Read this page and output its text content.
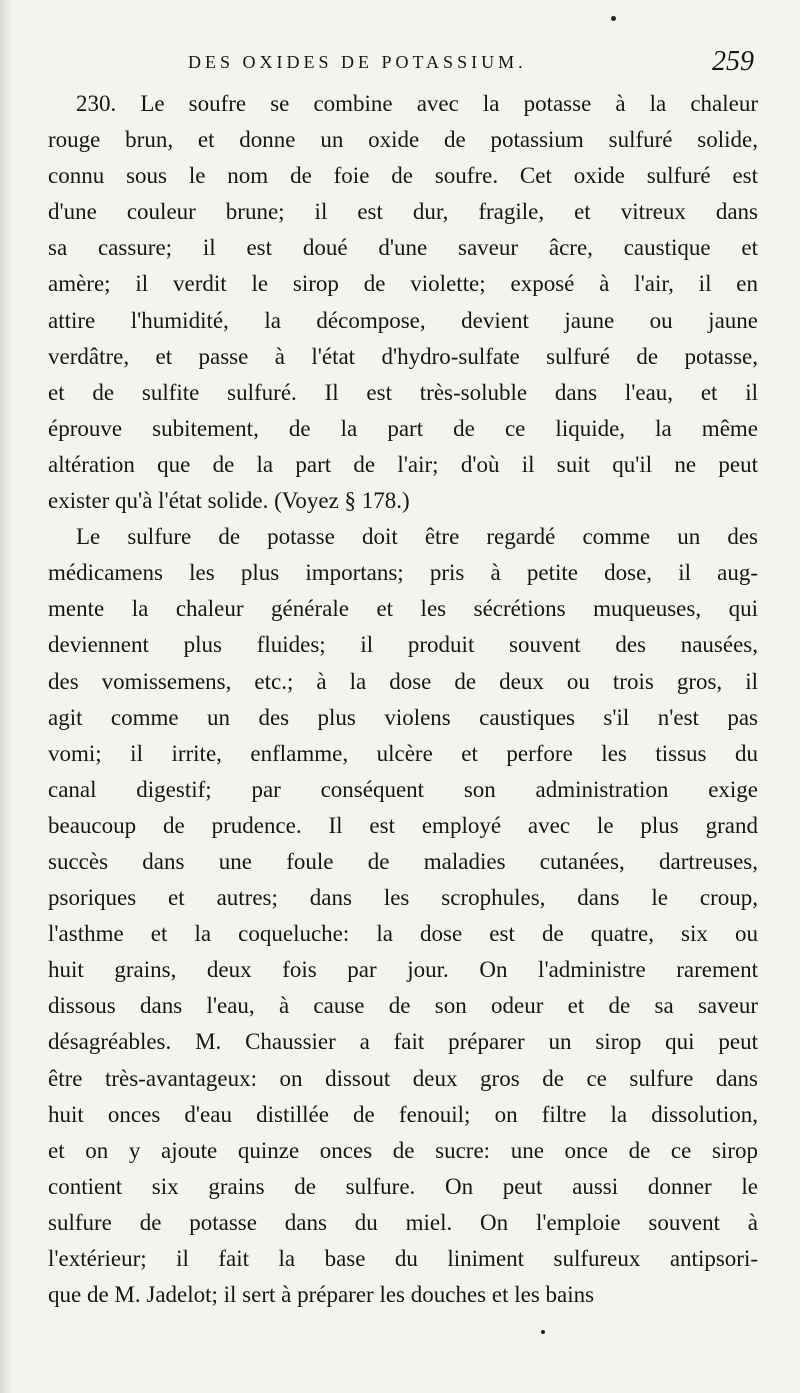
DES OXIDES DE POTASSIUM.	259
230. Le soufre se combine avec la potasse à la chaleur
rouge brun, et donne un oxide de potassium sulfuré solide,
connu sous le nom de foie de soufre. Cet oxide sulfuré est
d'une couleur brune; il est dur, fragile, et vitreux dans
sa cassure; il est doué d'une saveur âcre, caustique et
amère; il verdit le sirop de violette; exposé à l'air, il en
attire l'humidité, la décompose, devient jaune ou jaune
verdâtre, et passe à l'état d'hydro-sulfate sulfuré de potasse,
et de sulfite sulfuré. Il est très-soluble dans l'eau, et il
éprouve subitement, de la part de ce liquide, la même
altération que de la part de l'air; d'où il suit qu'il ne peut
exister qu'à l'état solide. (Voyez § 178.)
Le sulfure de potasse doit être regardé comme un des
médicamens les plus importans; pris à petite dose, il aug-
mente la chaleur générale et les sécrétions muqueuses, qui
deviennent plus fluides; il produit souvent des nausées,
des vomissemens, etc.; à la dose de deux ou trois gros, il
agit comme un des plus violens caustiques s'il n'est pas
vomi; il irrite, enflamme, ulcère et perfore les tissus du
canal digestif; par conséquent son administration exige
beaucoup de prudence. Il est employé avec le plus grand
succès dans une foule de maladies cutanées, dartreuses,
psoriques et autres; dans les scrophules, dans le croup,
l'asthme et la coqueluche: la dose est de quatre, six ou
huit grains, deux fois par jour. On l'administre rarement
dissous dans l'eau, à cause de son odeur et de sa saveur
désagréables. M. Chaussier a fait préparer un sirop qui peut
être très-avantageux: on dissout deux gros de ce sulfure dans
huit onces d'eau distillée de fenouil; on filtre la dissolution,
et on y ajoute quinze onces de sucre: une once de ce sirop
contient six grains de sulfure. On peut aussi donner le
sulfure de potasse dans du miel. On l'emploie souvent à
l'extérieur; il fait la base du liniment sulfureux antipsori-
que de M. Jadelot; il sert à préparer les douches et les bains
